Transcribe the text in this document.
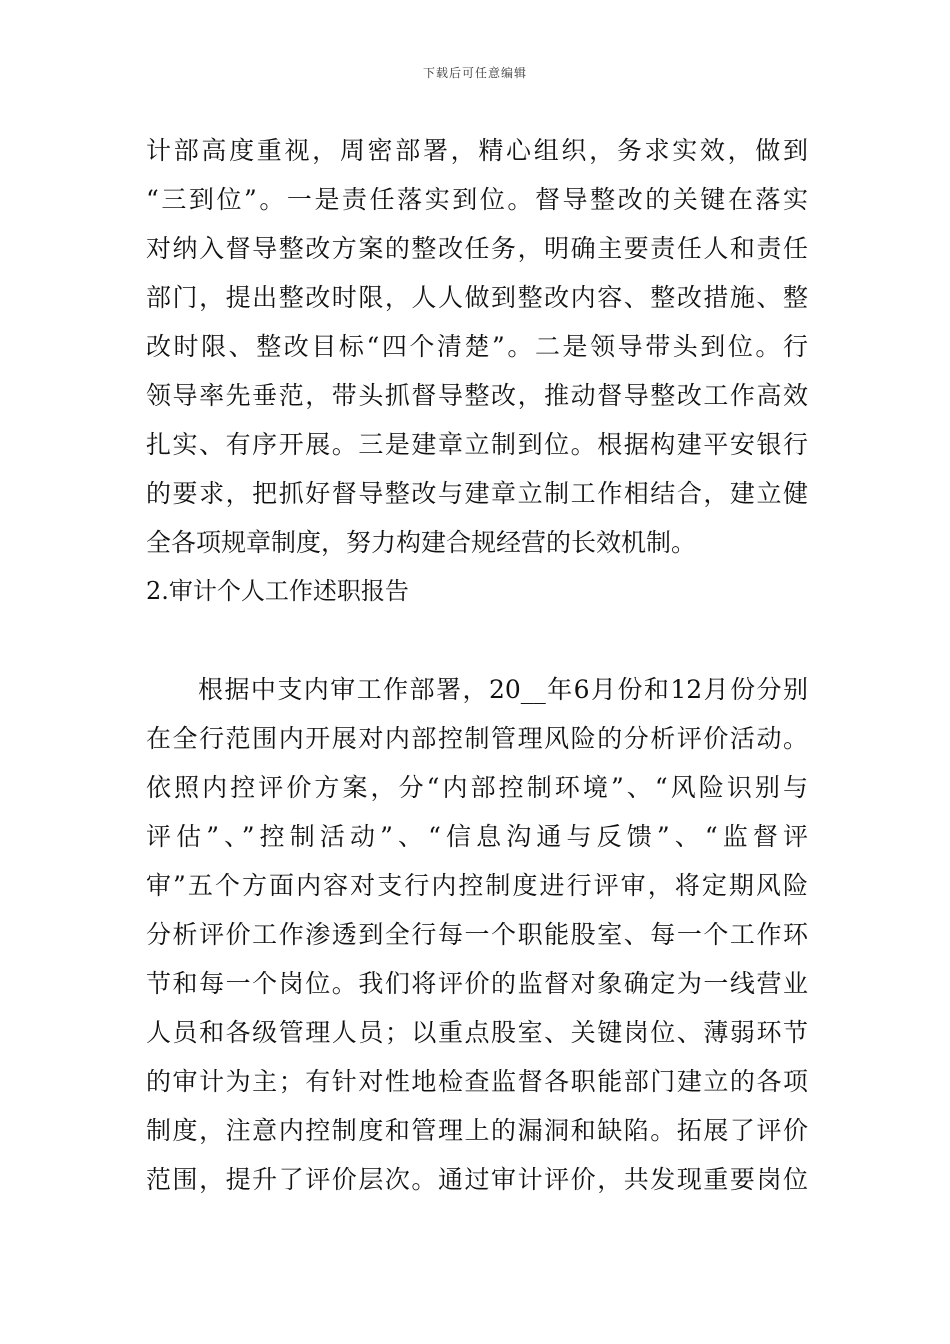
下载后可任意编辑
计部高度重视，周密部署，精心组织，务求实效，做到
“三到位”。一是责任落实到位。督导整改的关键在落实
对纳入督导整改方案的整改任务，明确主要责任人和责任
部门，提出整改时限，人人做到整改内容、整改措施、整
改时限、整改目标“四个清楚”。二是领导带头到位。行
领导率先垂范，带头抓督导整改，推动督导整改工作高效
扎实、有序开展。三是建章立制到位。根据构建平安银行
的要求，把抓好督导整改与建章立制工作相结合，建立健
全各项规章制度，努力构建合规经营的长效机制。
2.审计个人工作述职报告
根据中支内审工作部署，20__年6月份和12月份分别
在全行范围内开展对内部控制管理风险的分析评价活动。
依照内控评价方案，分“内部控制环境”、“风险识别与
评估”、”控制活动”、“信息沟通与反馈”、“监督评
审”五个方面内容对支行内控制度进行评审，将定期风险
分析评价工作渗透到全行每一个职能股室、每一个工作环
节和每一个岗位。我们将评价的监督对象确定为一线营业
人员和各级管理人员；以重点股室、关键岗位、薄弱环节
的审计为主；有针对性地检查监督各职能部门建立的各项
制度，注意内控制度和管理上的漏洞和缺陷。拓展了评价
范围，提升了评价层次。通过审计评价，共发现重要岗位
